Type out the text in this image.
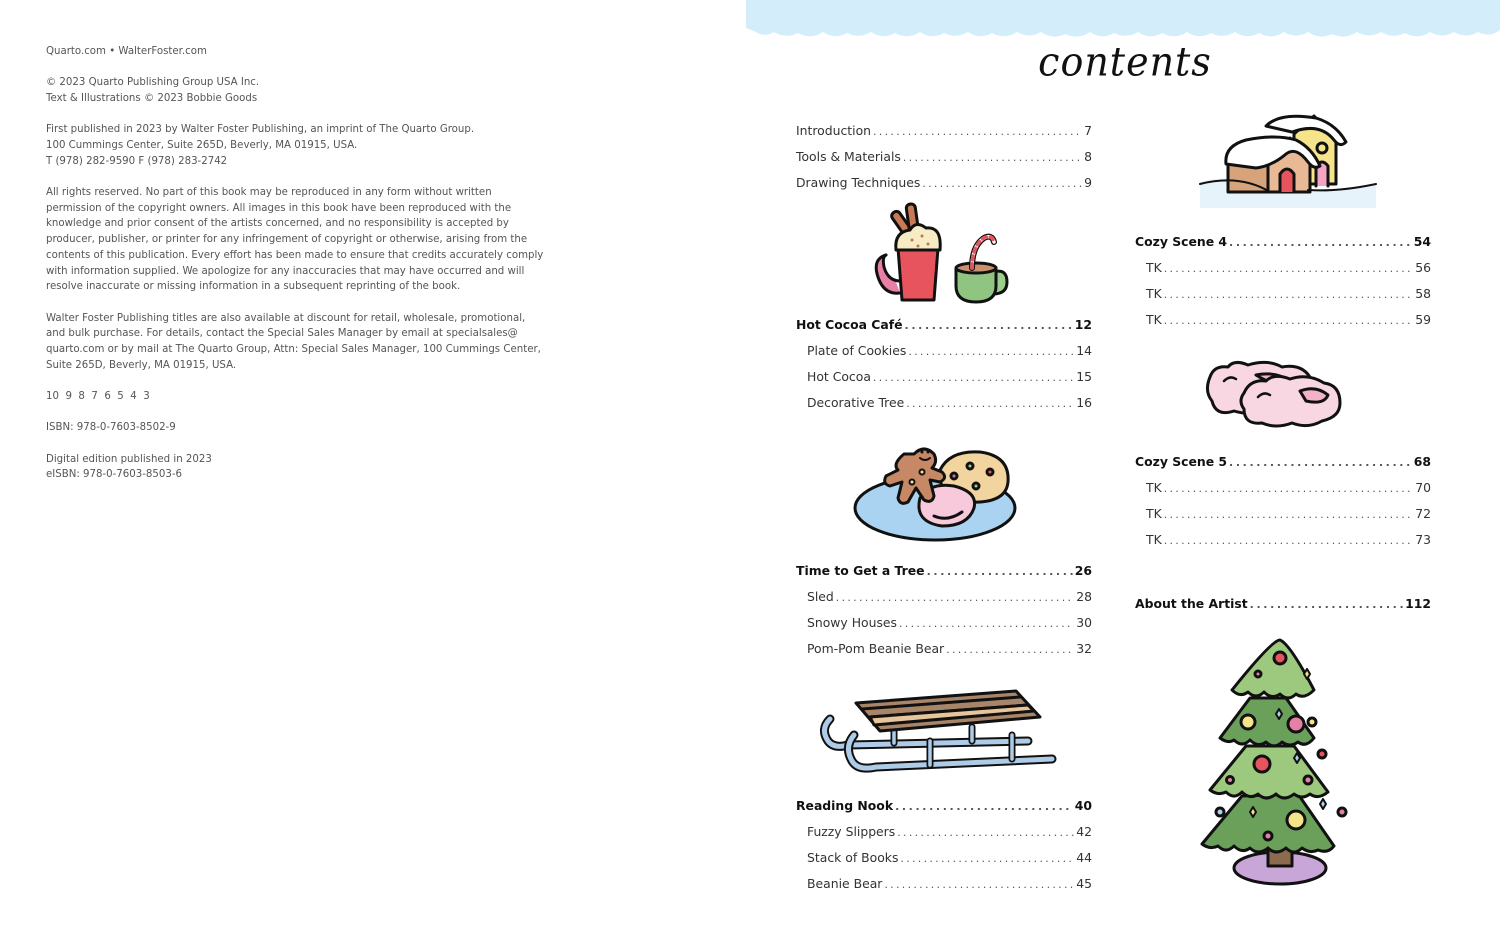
Quarto.com • WalterFoster.com

© 2023 Quarto Publishing Group USA Inc.
Text & Illustrations © 2023 Bobbie Goods

First published in 2023 by Walter Foster Publishing, an imprint of The Quarto Group.
100 Cummings Center, Suite 265D, Beverly, MA 01915, USA.
T (978) 282-9590 F (978) 283-2742

All rights reserved. No part of this book may be reproduced in any form without written
permission of the copyright owners. All images in this book have been reproduced with the
knowledge and prior consent of the artists concerned, and no responsibility is accepted by
producer, publisher, or printer for any infringement of copyright or otherwise, arising from the
contents of this publication. Every effort has been made to ensure that credits accurately comply
with information supplied. We apologize for any inaccuracies that may have occurred and will
resolve inaccurate or missing information in a subsequent reprinting of the book.

Walter Foster Publishing titles are also available at discount for retail, wholesale, promotional,
and bulk purchase. For details, contact the Special Sales Manager by email at specialsales@
quarto.com or by mail at The Quarto Group, Attn: Special Sales Manager, 100 Cummings Center,
Suite 265D, Beverly, MA 01915, USA.

10  9  8  7  6  5  4  3

ISBN: 978-0-7603-8502-9

Digital edition published in 2023
eISBN: 978-0-7603-8503-6

contents
Introduction . . .	7
Tools & Materials . . .	8
Drawing Techniques . . .	9
Hot Cocoa Café . . .	12
Plate of Cookies . . .	14
Hot Cocoa . . .	15
Decorative Tree . . .	16
Time to Get a Tree . . .	26
Sled . . .	28
Snowy Houses . . .	30
Pom-Pom Beanie Bear . . .	32
Reading Nook . . .	40
Fuzzy Slippers . . .	42
Stack of Books . . .	44
Beanie Bear . . .	45
Cozy Scene 4 . . .	54
TK . . .	56
TK . . .	58
TK . . .	59
Cozy Scene 5 . . .	68
TK . . .	70
TK . . .	72
TK . . .	73
About the Artist . . .	112
